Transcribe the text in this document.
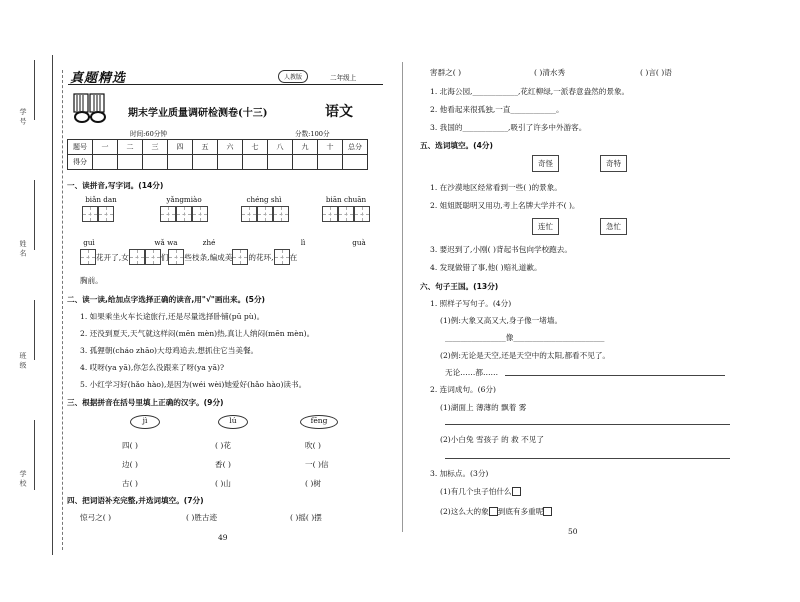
学 号
姓 名
班 级
学 校
真题精选	人教版	二年级上
期末学业质量调研检测卷(十三)	语文
时间:60分钟	分数:100分
题号	一	二	三	四	五	六	七	八	九	十	总分
得分											
一、读拼音,写字词。(14分)
biǎn dan	yǎngmiào	chéng shì	biān chuān
guì	wǎ wa	zhé	lì	guà
花开了,女	们 些枝条,编成美 的花环, 在
胸前。
二、读一读,给加点字选择正确的读音,用"√"画出来。(5分)
1. 如果乘坐火车长途旅行,还是尽量选择卧铺(pū pù)。
2. 还没到夏天,天气就这样闷(mēn mèn)热,真让人纳闷(mēn mèn)。
3. 孤狸朝(cháo zhāo)大母鸡追去,想抓住它当美餐。
4. 哎呀(ya yā),你怎么没跟来了呀(ya yā)?
5. 小红学习好(hǎo hào),是因为(wéi wèi)她爱好(hǎo hào)读书。
三、根据拼音在括号里填上正确的汉字。(9分)
jì	lú	fēng
四( )	( )花	吹( )
边( )	香( )	一( )信
古( )	( )山	( )树
四、把词语补充完整,并选词填空。(7分)
惊弓之( )	( )胜古迹	( )摇( )摆
49
害群之( )	( )清水秀	( )言( )语
1. 北海公园,____________,花红柳绿,一派春意盎然的景象。
2. 他看起来很孤独,一直____________。
3. 我国的____________,吸引了许多中外游客。
五、选词填空。(4分)
奇怪	奇特
1. 在沙漠地区经常看到一些( )的景象。
2. 姐姐既聪明又用功,考上名牌大学并不( )。
连忙	急忙
3. 要迟到了,小刚( )背起书包向学校跑去。
4. 发现做错了事,他( )赔礼道歉。
六、句子王国。(13分)
1. 照样子写句子。(4分)
(1)例:大象又高又大,身子像一堵墙。
________________像________________________
(2)例:无论是天空,还是天空中的太阳,都看不见了。
无论……都……
2. 连词成句。(6分)
(1)湖面上 薄薄的 飘着 雾
(2)小白兔 雪孩子 的 救 不见了
3. 加标点。(3分)
(1)有几个虫子怕什么
(2)这么大的象 到底有多重呢
50
